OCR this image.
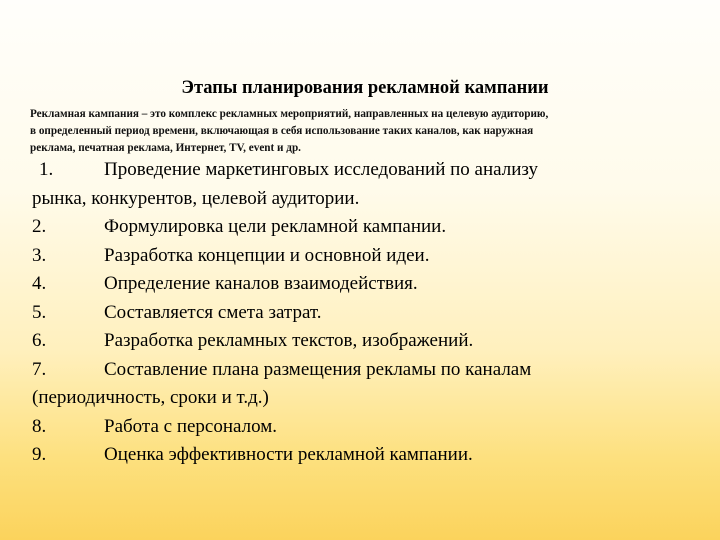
Этапы планирования рекламной кампании
Рекламная кампания – это комплекс рекламных мероприятий, направленных на целевую аудиторию,
в определенный период времени, включающая в себя использование таких каналов, как наружная
реклама, печатная реклама, Интернет, TV, event и др.
1.	Проведение маркетинговых исследований по анализу
рынка, конкурентов, целевой аудитории.
2.	Формулировка цели рекламной кампании.
3.	Разработка концепции и основной идеи.
4.	Определение каналов взаимодействия.
5.	Составляется смета затрат.
6.	Разработка рекламных текстов, изображений.
7.	Составление плана размещения рекламы по каналам
(периодичность, сроки и т.д.)
8.	Работа с персоналом.
9.	Оценка эффективности рекламной кампании.
